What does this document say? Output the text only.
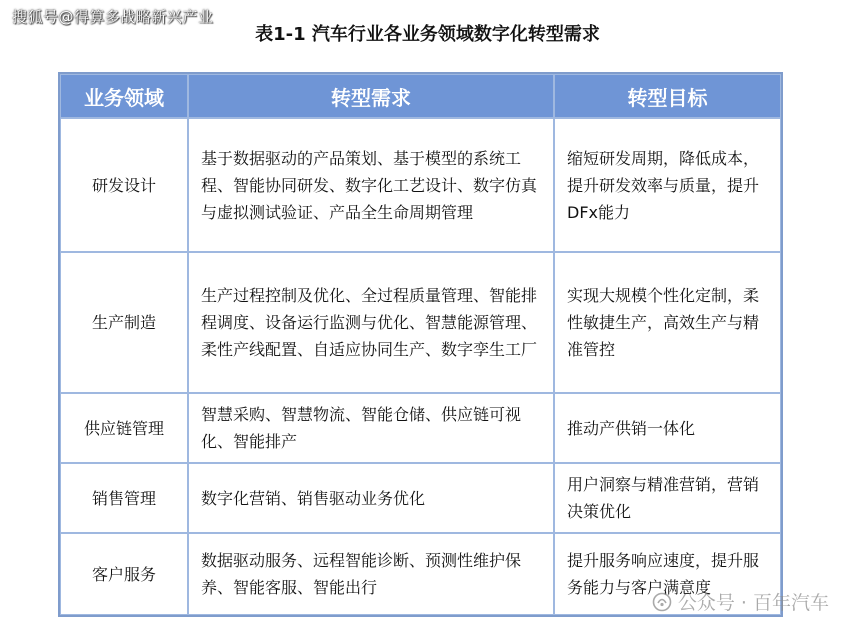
搜狐号@得算多战略新兴产业
表1-1 汽车行业各业务领域数字化转型需求
业务领域	转型需求	转型目标
研发设计	基于数据驱动的产品策划、基于模型的系统工程、智能协同研发、数字化工艺设计、数字仿真与虚拟测试验证、产品全生命周期管理	缩短研发周期，降低成本，提升研发效率与质量，提升DFx能力
生产制造	生产过程控制及优化、全过程质量管理、智能排程调度、设备运行监测与优化、智慧能源管理、柔性产线配置、自适应协同生产、数字孪生工厂	实现大规模个性化定制，柔性敏捷生产，高效生产与精准管控
供应链管理	智慧采购、智慧物流、智能仓储、供应链可视化、智能排产	推动产供销一体化
销售管理	数字化营销、销售驱动业务优化	用户洞察与精准营销，营销决策优化
客户服务	数据驱动服务、远程智能诊断、预测性维护保养、智能客服、智能出行	提升服务响应速度，提升服务能力与客户满意度
公众号 · 百年汽车
